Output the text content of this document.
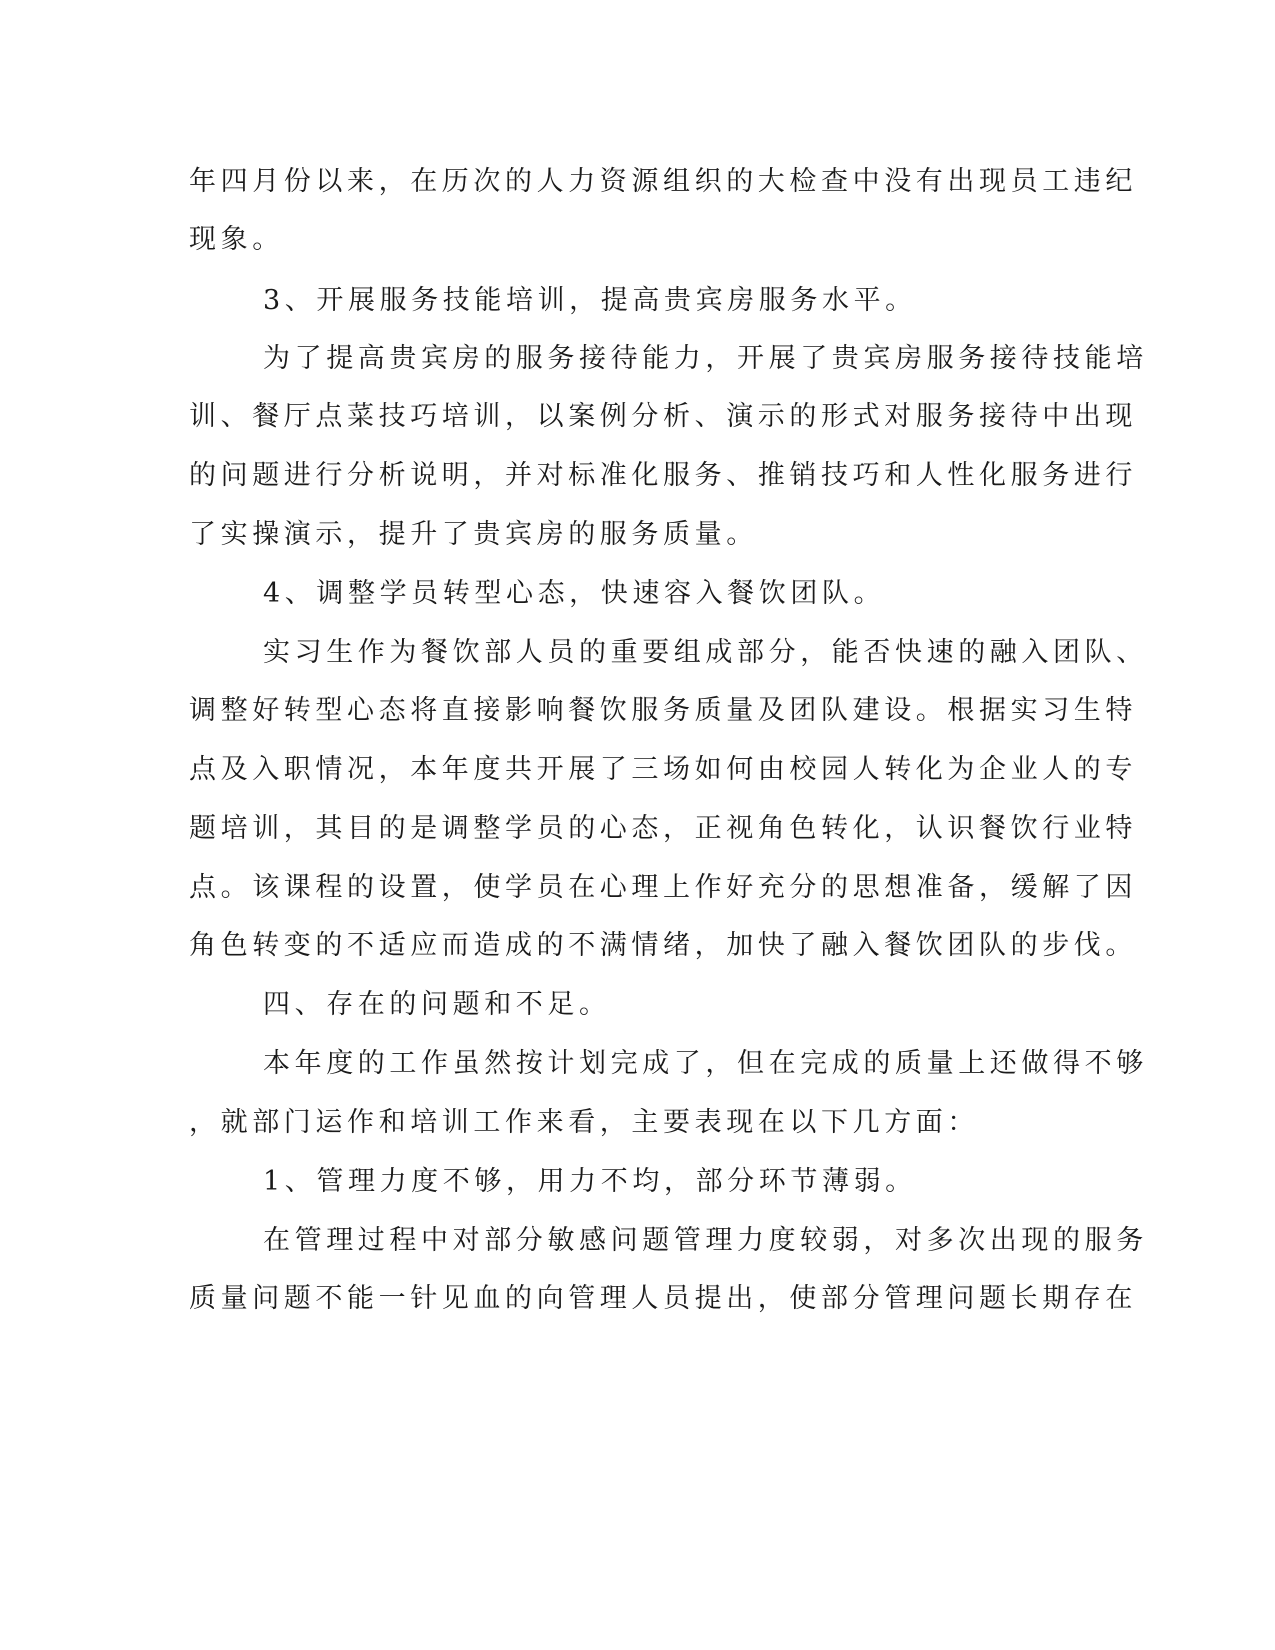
年四月份以来，在历次的人力资源组织的大检查中没有出现员工违纪
现象。
3、开展服务技能培训，提高贵宾房服务水平。
为了提高贵宾房的服务接待能力，开展了贵宾房服务接待技能培
训、餐厅点菜技巧培训，以案例分析、演示的形式对服务接待中出现
的问题进行分析说明，并对标准化服务、推销技巧和人性化服务进行
了实操演示，提升了贵宾房的服务质量。
4、调整学员转型心态，快速容入餐饮团队。
实习生作为餐饮部人员的重要组成部分，能否快速的融入团队、
调整好转型心态将直接影响餐饮服务质量及团队建设。根据实习生特
点及入职情况，本年度共开展了三场如何由校园人转化为企业人的专
题培训，其目的是调整学员的心态，正视角色转化，认识餐饮行业特
点。该课程的设置，使学员在心理上作好充分的思想准备，缓解了因
角色转变的不适应而造成的不满情绪，加快了融入餐饮团队的步伐。
四、存在的问题和不足。
本年度的工作虽然按计划完成了，但在完成的质量上还做得不够
，就部门运作和培训工作来看，主要表现在以下几方面：
1、管理力度不够，用力不均，部分环节薄弱。
在管理过程中对部分敏感问题管理力度较弱，对多次出现的服务
质量问题不能一针见血的向管理人员提出，使部分管理问题长期存在
